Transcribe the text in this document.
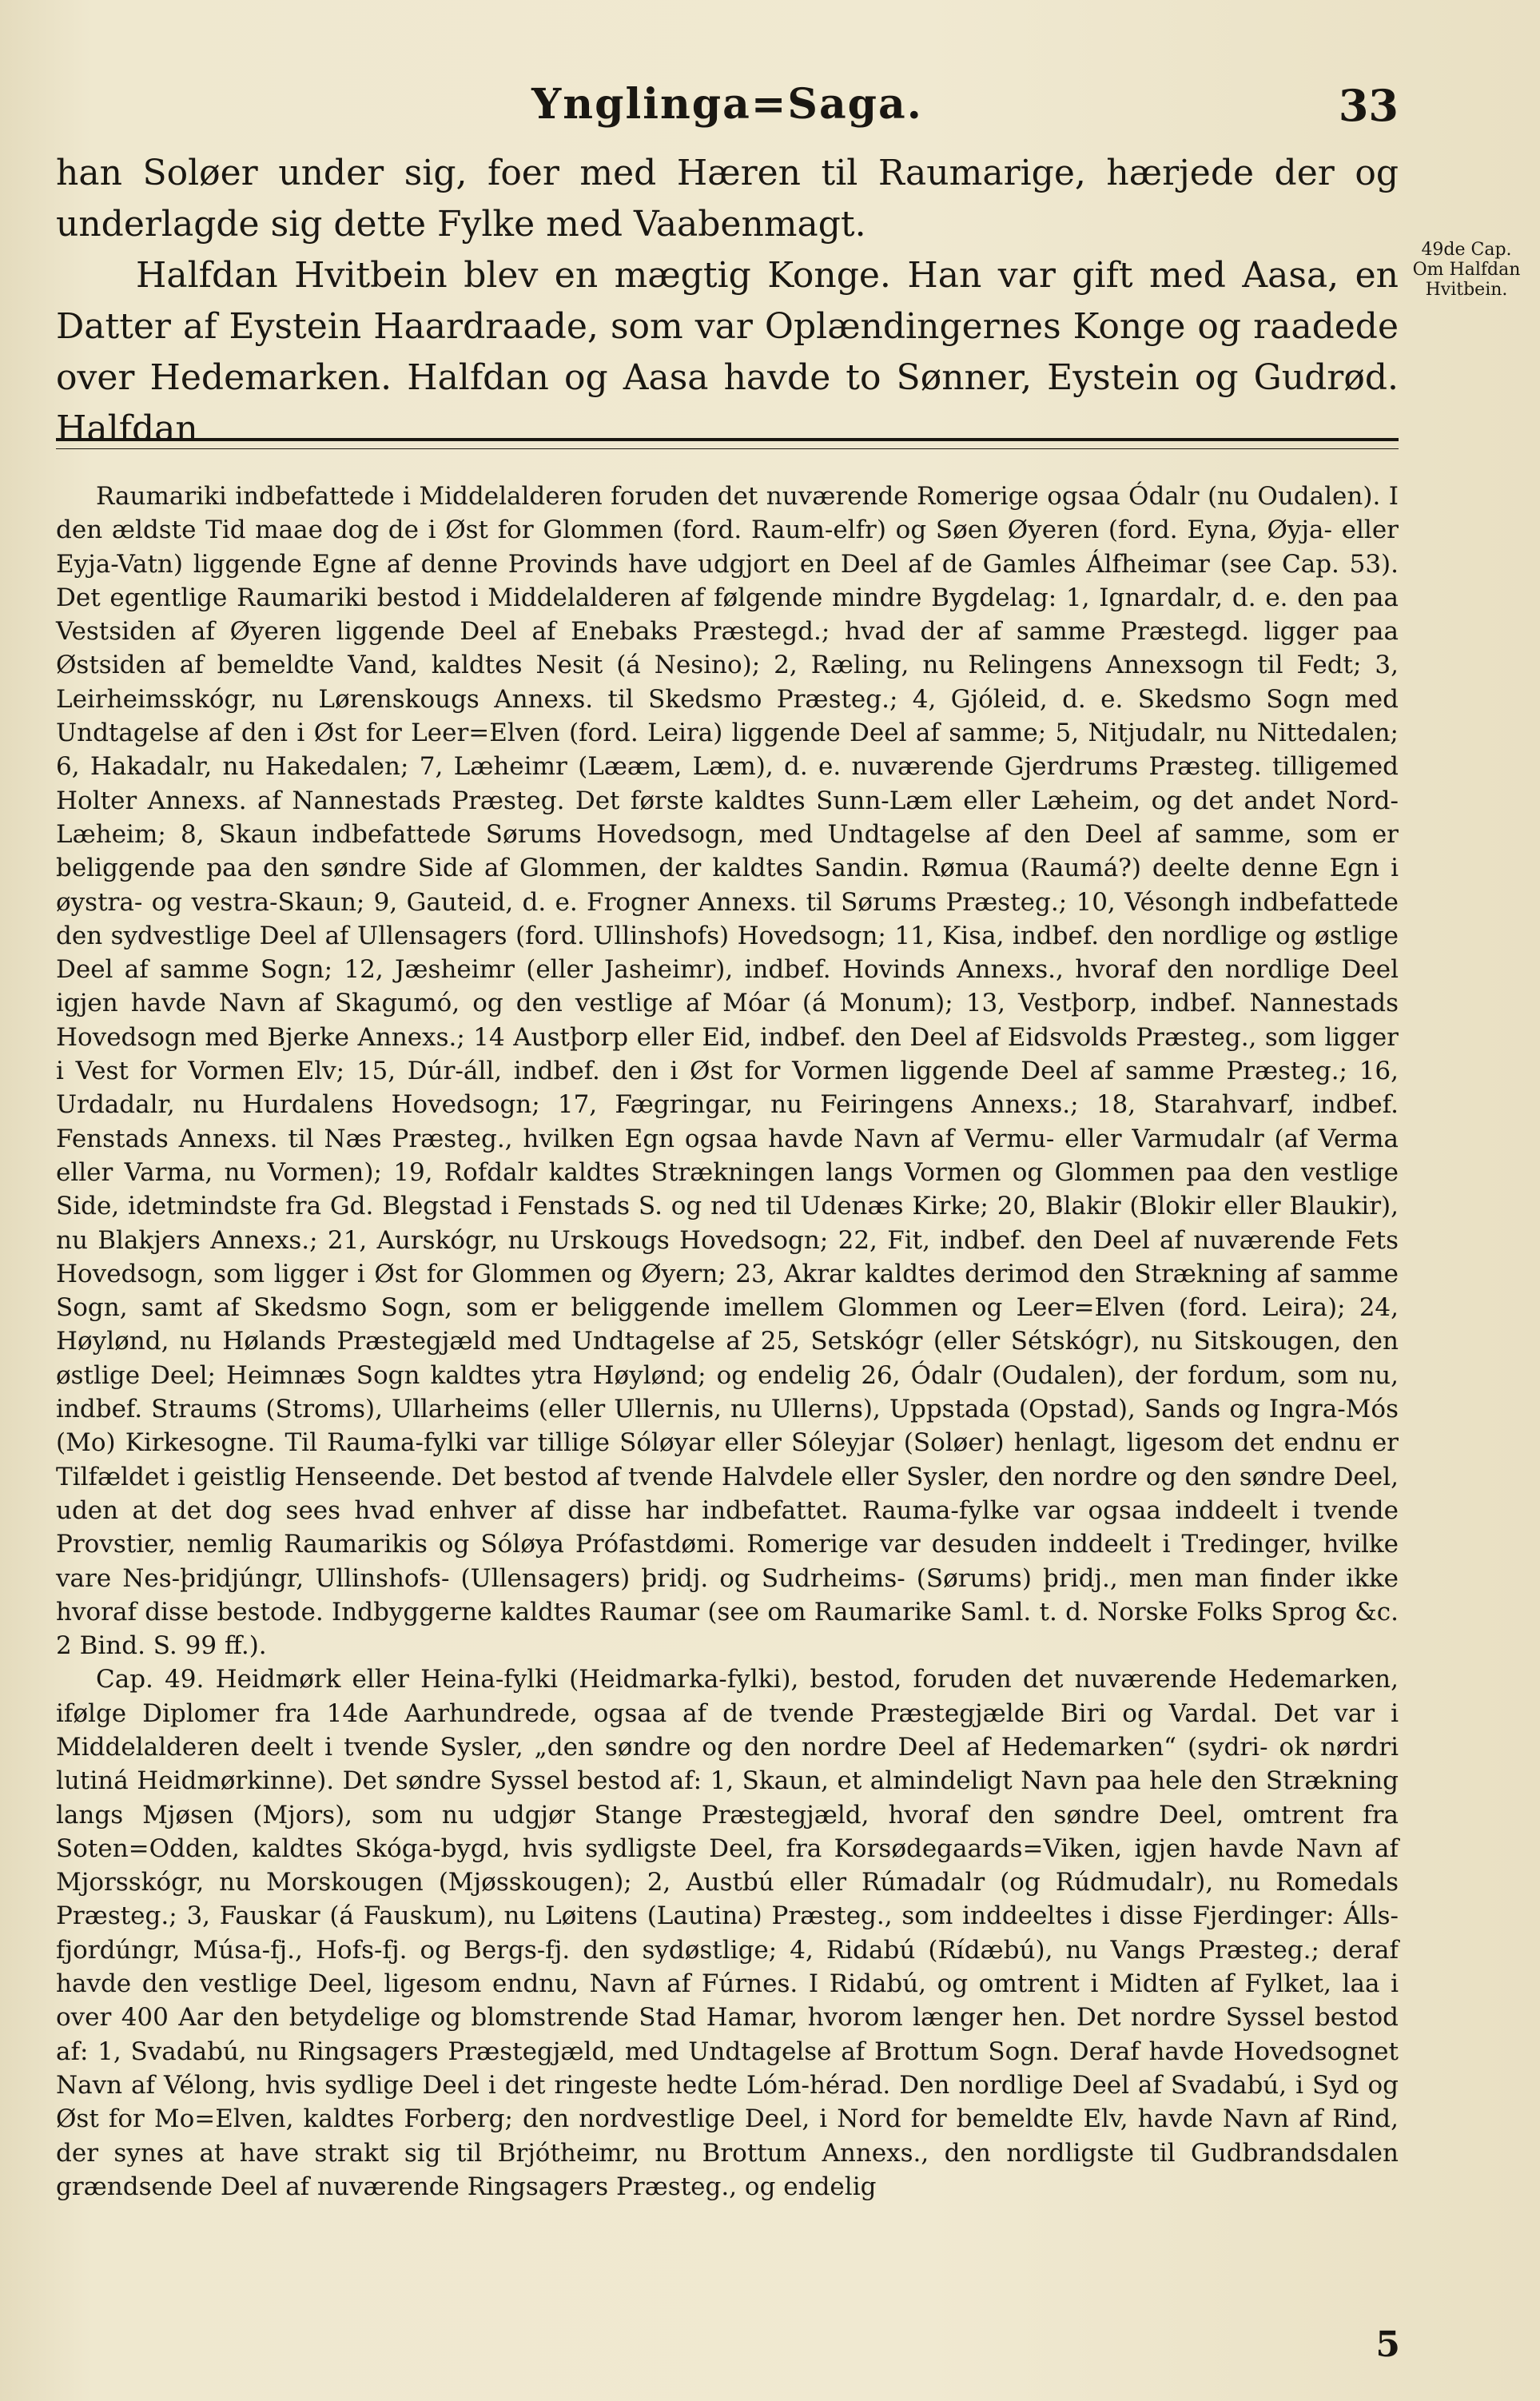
Ynglinga=Saga.	33

han Soløer under sig, foer med Hæren til Raumarige, hærjede der og underlagde sig dette Fylke med Vaabenmagt.

Halfdan Hvitbein blev en mægtig Konge. Han var gift med Aasa, en Datter af Eystein Haardraade, som var Oplændingernes Konge og raadede over Hedemarken. Halfdan og Aasa havde to Sønner, Eystein og Gudrød. Halfdan

49de Cap.
Om Halfdan
Hvitbein.

Raumariki indbefattede i Middelalderen foruden det nuværende Romerige ogsaa Ódalr (nu Oudalen). I den ældste Tid maae dog de i Øst for Glommen (ford. Raum-elfr) og Søen Øyeren (ford. Eyna, Øyja- eller Eyja-Vatn) liggende Egne af denne Provinds have udgjort en Deel af de Gamles Álfheimar (see Cap. 53). Det egentlige Raumariki bestod i Middelalderen af følgende mindre Bygdelag: 1, Ignardalr, d. e. den paa Vestsiden af Øyeren liggende Deel af Enebaks Præstegd.; hvad der af samme Præstegd. ligger paa Østsiden af bemeldte Vand, kaldtes Nesit (á Nesino); 2, Ræling, nu Relingens Annexsogn til Fedt; 3, Leirheimsskógr, nu Lørenskougs Annexs. til Skedsmo Præsteg.; 4, Gjóleid, d. e. Skedsmo Sogn med Undtagelse af den i Øst for Leer=Elven (ford. Leira) liggende Deel af samme; 5, Nitjudalr, nu Nittedalen; 6, Hakadalr, nu Hakedalen; 7, Læheimr (Lææm, Læm), d. e. nuværende Gjerdrums Præsteg. tilligemed Holter Annexs. af Nannestads Præsteg. Det første kaldtes Sunn-Læm eller Læheim, og det andet Nord-Læheim; 8, Skaun indbefattede Sørums Hovedsogn, med Undtagelse af den Deel af samme, som er beliggende paa den søndre Side af Glommen, der kaldtes Sandin. Rømua (Raumá?) deelte denne Egn i øystra- og vestra-Skaun; 9, Gauteid, d. e. Frogner Annexs. til Sørums Præsteg.; 10, Vésongh indbefattede den sydvestlige Deel af Ullensagers (ford. Ullinshofs) Hovedsogn; 11, Kisa, indbef. den nordlige og østlige Deel af samme Sogn; 12, Jæsheimr (eller Jasheimr), indbef. Hovinds Annexs., hvoraf den nordlige Deel igjen havde Navn af Skagumó, og den vestlige af Móar (á Monum); 13, Vestþorp, indbef. Nannestads Hovedsogn med Bjerke Annexs.; 14 Austþorp eller Eid, indbef. den Deel af Eidsvolds Præsteg., som ligger i Vest for Vormen Elv; 15, Dúr-áll, indbef. den i Øst for Vormen liggende Deel af samme Præsteg.; 16, Urdadalr, nu Hurdalens Hovedsogn; 17, Fægringar, nu Feiringens Annexs.; 18, Starahvarf, indbef. Fenstads Annexs. til Næs Præsteg., hvilken Egn ogsaa havde Navn af Vermu- eller Varmudalr (af Verma eller Varma, nu Vormen); 19, Rofdalr kaldtes Strækningen langs Vormen og Glommen paa den vestlige Side, idetmindste fra Gd. Blegstad i Fenstads S. og ned til Udenæs Kirke; 20, Blakir (Blokir eller Blaukir), nu Blakjers Annexs.; 21, Aurskógr, nu Urskougs Hovedsogn; 22, Fit, indbef. den Deel af nuværende Fets Hovedsogn, som ligger i Øst for Glommen og Øyern; 23, Akrar kaldtes derimod den Strækning af samme Sogn, samt af Skedsmo Sogn, som er beliggende imellem Glommen og Leer=Elven (ford. Leira); 24, Høylønd, nu Hølands Præstegjæld med Undtagelse af 25, Setskógr (eller Sétskógr), nu Sitskougen, den østlige Deel; Heimnæs Sogn kaldtes ytra Høylønd; og endelig 26, Ódalr (Oudalen), der fordum, som nu, indbef. Straums (Stroms), Ullarheims (eller Ullernis, nu Ullerns), Uppstada (Opstad), Sands og Ingra-Mós (Mo) Kirkesogne. Til Rauma-fylki var tillige Sóløyar eller Sóleyjar (Soløer) henlagt, ligesom det endnu er Tilfældet i geistlig Henseende. Det bestod af tvende Halvdele eller Sysler, den nordre og den søndre Deel, uden at det dog sees hvad enhver af disse har indbefattet. Rauma-fylke var ogsaa inddeelt i tvende Provstier, nemlig Raumarikis og Sóløya Prófastdømi. Romerige var desuden inddeelt i Tredinger, hvilke vare Nes-þridjúngr, Ullinshofs- (Ullensagers) þridj. og Sudrheims- (Sørums) þridj., men man finder ikke hvoraf disse bestode. Indbyggerne kaldtes Raumar (see om Raumarike Saml. t. d. Norske Folks Sprog &c. 2 Bind. S. 99 ff.).

Cap. 49. Heidmørk eller Heina-fylki (Heidmarka-fylki), bestod, foruden det nuværende Hedemarken, ifølge Diplomer fra 14de Aarhundrede, ogsaa af de tvende Præstegjælde Biri og Vardal. Det var i Middelalderen deelt i tvende Sysler, „den søndre og den nordre Deel af Hedemarken“ (sydri- ok nørdri lutiná Heidmørkinne). Det søndre Syssel bestod af: 1, Skaun, et almindeligt Navn paa hele den Strækning langs Mjøsen (Mjors), som nu udgjør Stange Præstegjæld, hvoraf den søndre Deel, omtrent fra Soten=Odden, kaldtes Skóga-bygd, hvis sydligste Deel, fra Korsødegaards=Viken, igjen havde Navn af Mjorsskógr, nu Morskougen (Mjøsskougen); 2, Austbú eller Rúmadalr (og Rúdmudalr), nu Romedals Præsteg.; 3, Fauskar (á Fauskum), nu Løitens (Lautina) Præsteg., som inddeeltes i disse Fjerdinger: Álls-fjordúngr, Músa-fj., Hofs-fj. og Bergs-fj. den sydøstlige; 4, Ridabú (Rídæbú), nu Vangs Præsteg.; deraf havde den vestlige Deel, ligesom endnu, Navn af Fúrnes. I Ridabú, og omtrent i Midten af Fylket, laa i over 400 Aar den betydelige og blomstrende Stad Hamar, hvorom længer hen. Det nordre Syssel bestod af: 1, Svadabú, nu Ringsagers Præstegjæld, med Undtagelse af Brottum Sogn. Deraf havde Hovedsognet Navn af Vélong, hvis sydlige Deel i det ringeste hedte Lóm-hérad. Den nordlige Deel af Svadabú, i Syd og Øst for Mo=Elven, kaldtes Forberg; den nordvestlige Deel, i Nord for bemeldte Elv, havde Navn af Rind, der synes at have strakt sig til Brjótheimr, nu Brottum Annexs., den nordligste til Gudbrandsdalen grændsende Deel af nuværende Ringsagers Præsteg., og endelig

5
